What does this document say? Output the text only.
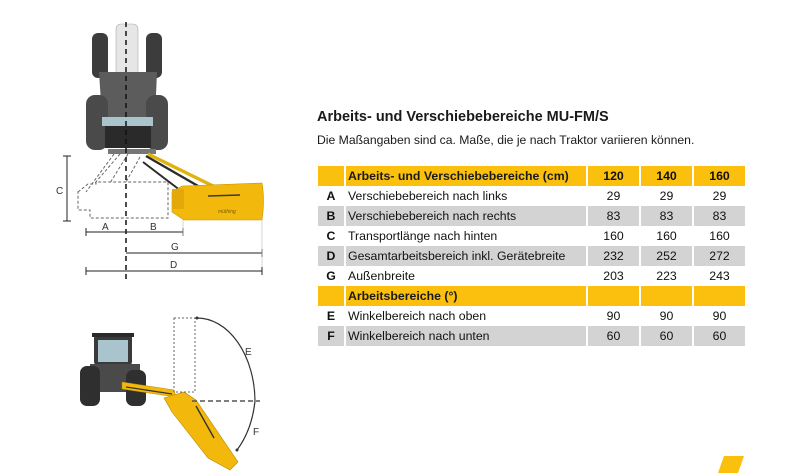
müthing
C
A	B
G
D
E
F
Arbeits- und Verschiebebereiche MU-FM/S
Die Maßangaben sind ca. Maße, die je nach Traktor variieren können.
	Arbeits- und Verschiebebereiche (cm)	120	140	160
A	Verschiebebereich nach links	29	29	29
B	Verschiebebereich nach rechts	83	83	83
C	Transportlänge nach hinten	160	160	160
D	Gesamtarbeitsbereich inkl. Gerätebreite	232	252	272
G	Außenbreite	203	223	243
	Arbeitsbereiche (°)			
E	Winkelbereich nach oben	90	90	90
F	Winkelbereich nach unten	60	60	60
